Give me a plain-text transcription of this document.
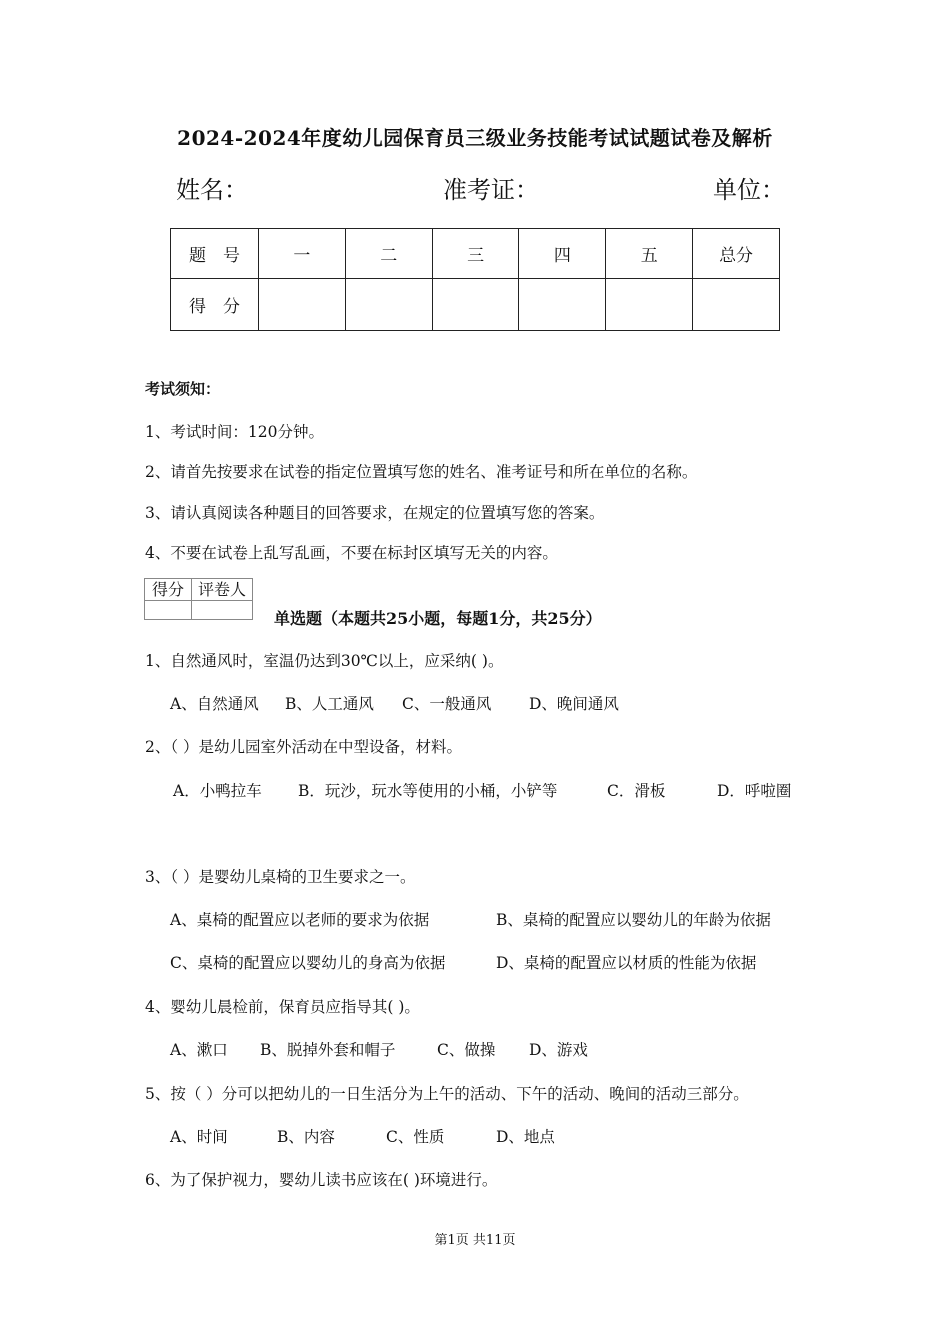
2024-2024年度幼儿园保育员三级业务技能考试试题试卷及解析
姓名：	准考证：	单位：
题　号	一	二	三	四	五	总分
得　分						
考试须知：
1、考试时间：120分钟。
2、请首先按要求在试卷的指定位置填写您的姓名、准考证号和所在单位的名称。
3、请认真阅读各种题目的回答要求，在规定的位置填写您的答案。
4、不要在试卷上乱写乱画，不要在标封区填写无关的内容。
得分	评卷人

单选题（本题共25小题，每题1分，共25分）
1、自然通风时，室温仍达到30℃以上，应采纳( )。
A、自然通风 B、人工通风 C、一般通风 D、晚间通风
2、（ ）是幼儿园室外活动在中型设备，材料。
A．小鸭拉车 B．玩沙，玩水等使用的小桶，小铲等	C．滑板	D．呼啦圈
3、（ ）是婴幼儿桌椅的卫生要求之一。
A、桌椅的配置应以老师的要求为依据	B、桌椅的配置应以婴幼儿的年龄为依据
C、桌椅的配置应以婴幼儿的身高为依据	D、桌椅的配置应以材质的性能为依据
4、婴幼儿晨检前，保育员应指导其( )。
A、漱口 B、脱掉外套和帽子	C、做操 D、游戏
5、按（ ）分可以把幼儿的一日生活分为上午的活动、下午的活动、晚间的活动三部分。
A、时间	B、内容	C、性质	D、地点
6、为了保护视力，婴幼儿读书应该在( )环境进行。
第1页 共11页
